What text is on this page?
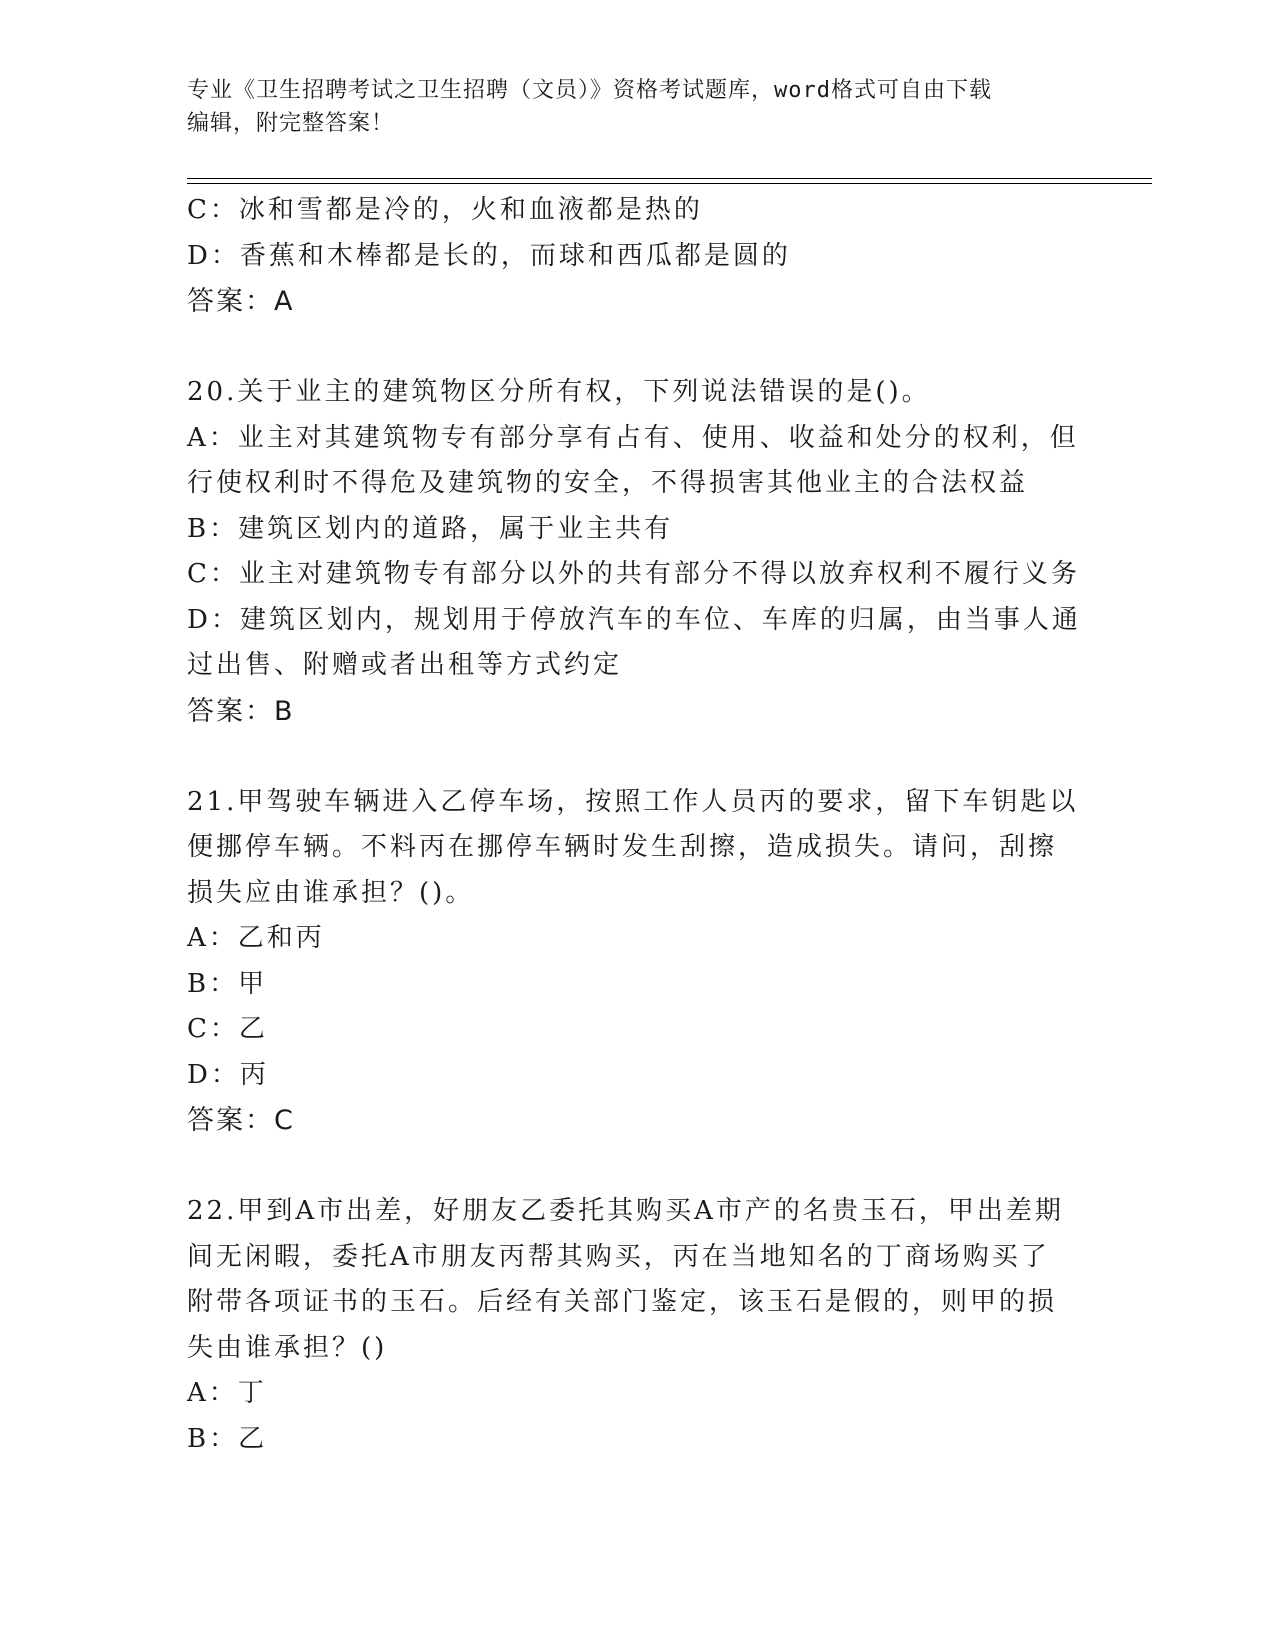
专业《卫生招聘考试之卫生招聘（文员）》资格考试题库，word格式可自由下载
编辑，附完整答案！
C：冰和雪都是冷的，火和血液都是热的
D：香蕉和木棒都是长的，而球和西瓜都是圆的
答案：A
20.关于业主的建筑物区分所有权，下列说法错误的是()。
A：业主对其建筑物专有部分享有占有、使用、收益和处分的权利，但
行使权利时不得危及建筑物的安全，不得损害其他业主的合法权益
B：建筑区划内的道路，属于业主共有
C：业主对建筑物专有部分以外的共有部分不得以放弃权利不履行义务
D：建筑区划内，规划用于停放汽车的车位、车库的归属，由当事人通
过出售、附赠或者出租等方式约定
答案：B
21.甲驾驶车辆进入乙停车场，按照工作人员丙的要求，留下车钥匙以
便挪停车辆。不料丙在挪停车辆时发生刮擦，造成损失。请问，刮擦
损失应由谁承担？()。
A：乙和丙
B：甲
C：乙
D：丙
答案：C
22.甲到A市出差，好朋友乙委托其购买A市产的名贵玉石，甲出差期
间无闲暇，委托A市朋友丙帮其购买，丙在当地知名的丁商场购买了
附带各项证书的玉石。后经有关部门鉴定，该玉石是假的，则甲的损
失由谁承担？()
A：丁
B：乙
